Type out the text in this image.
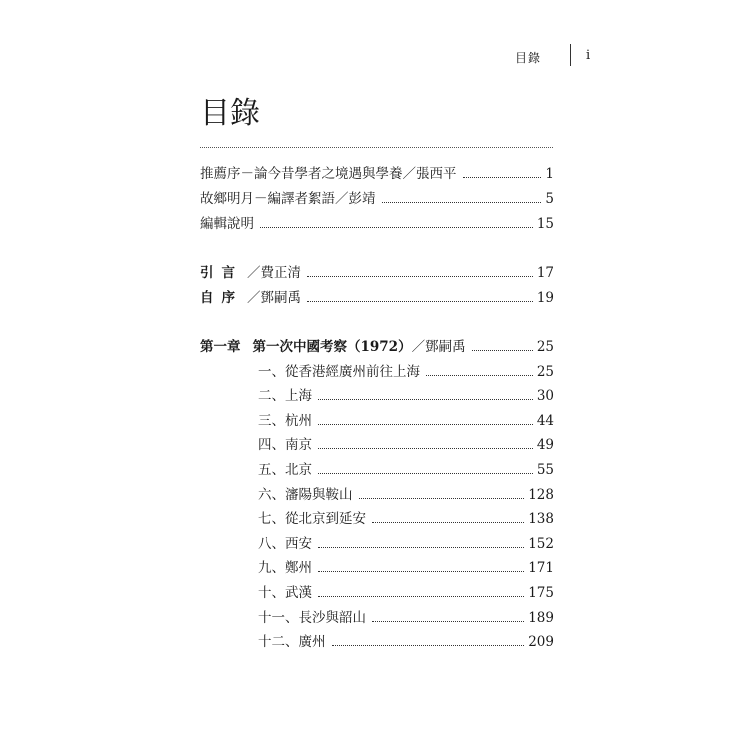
目錄	i
目錄
推薦序－論今昔學者之境遇與學養／張西平	1
故鄉明月－編譯者絮語／彭靖	5
編輯說明	15
引言 ／費正清	17
自序 ／鄧嗣禹	19
第一章 第一次中國考察（1972）／鄧嗣禹	25
一、從香港經廣州前往上海	25
二、上海	30
三、杭州	44
四、南京	49
五、北京	55
六、瀋陽與鞍山	128
七、從北京到延安	138
八、西安	152
九、鄭州	171
十、武漢	175
十一、長沙與韶山	189
十二、廣州	209
